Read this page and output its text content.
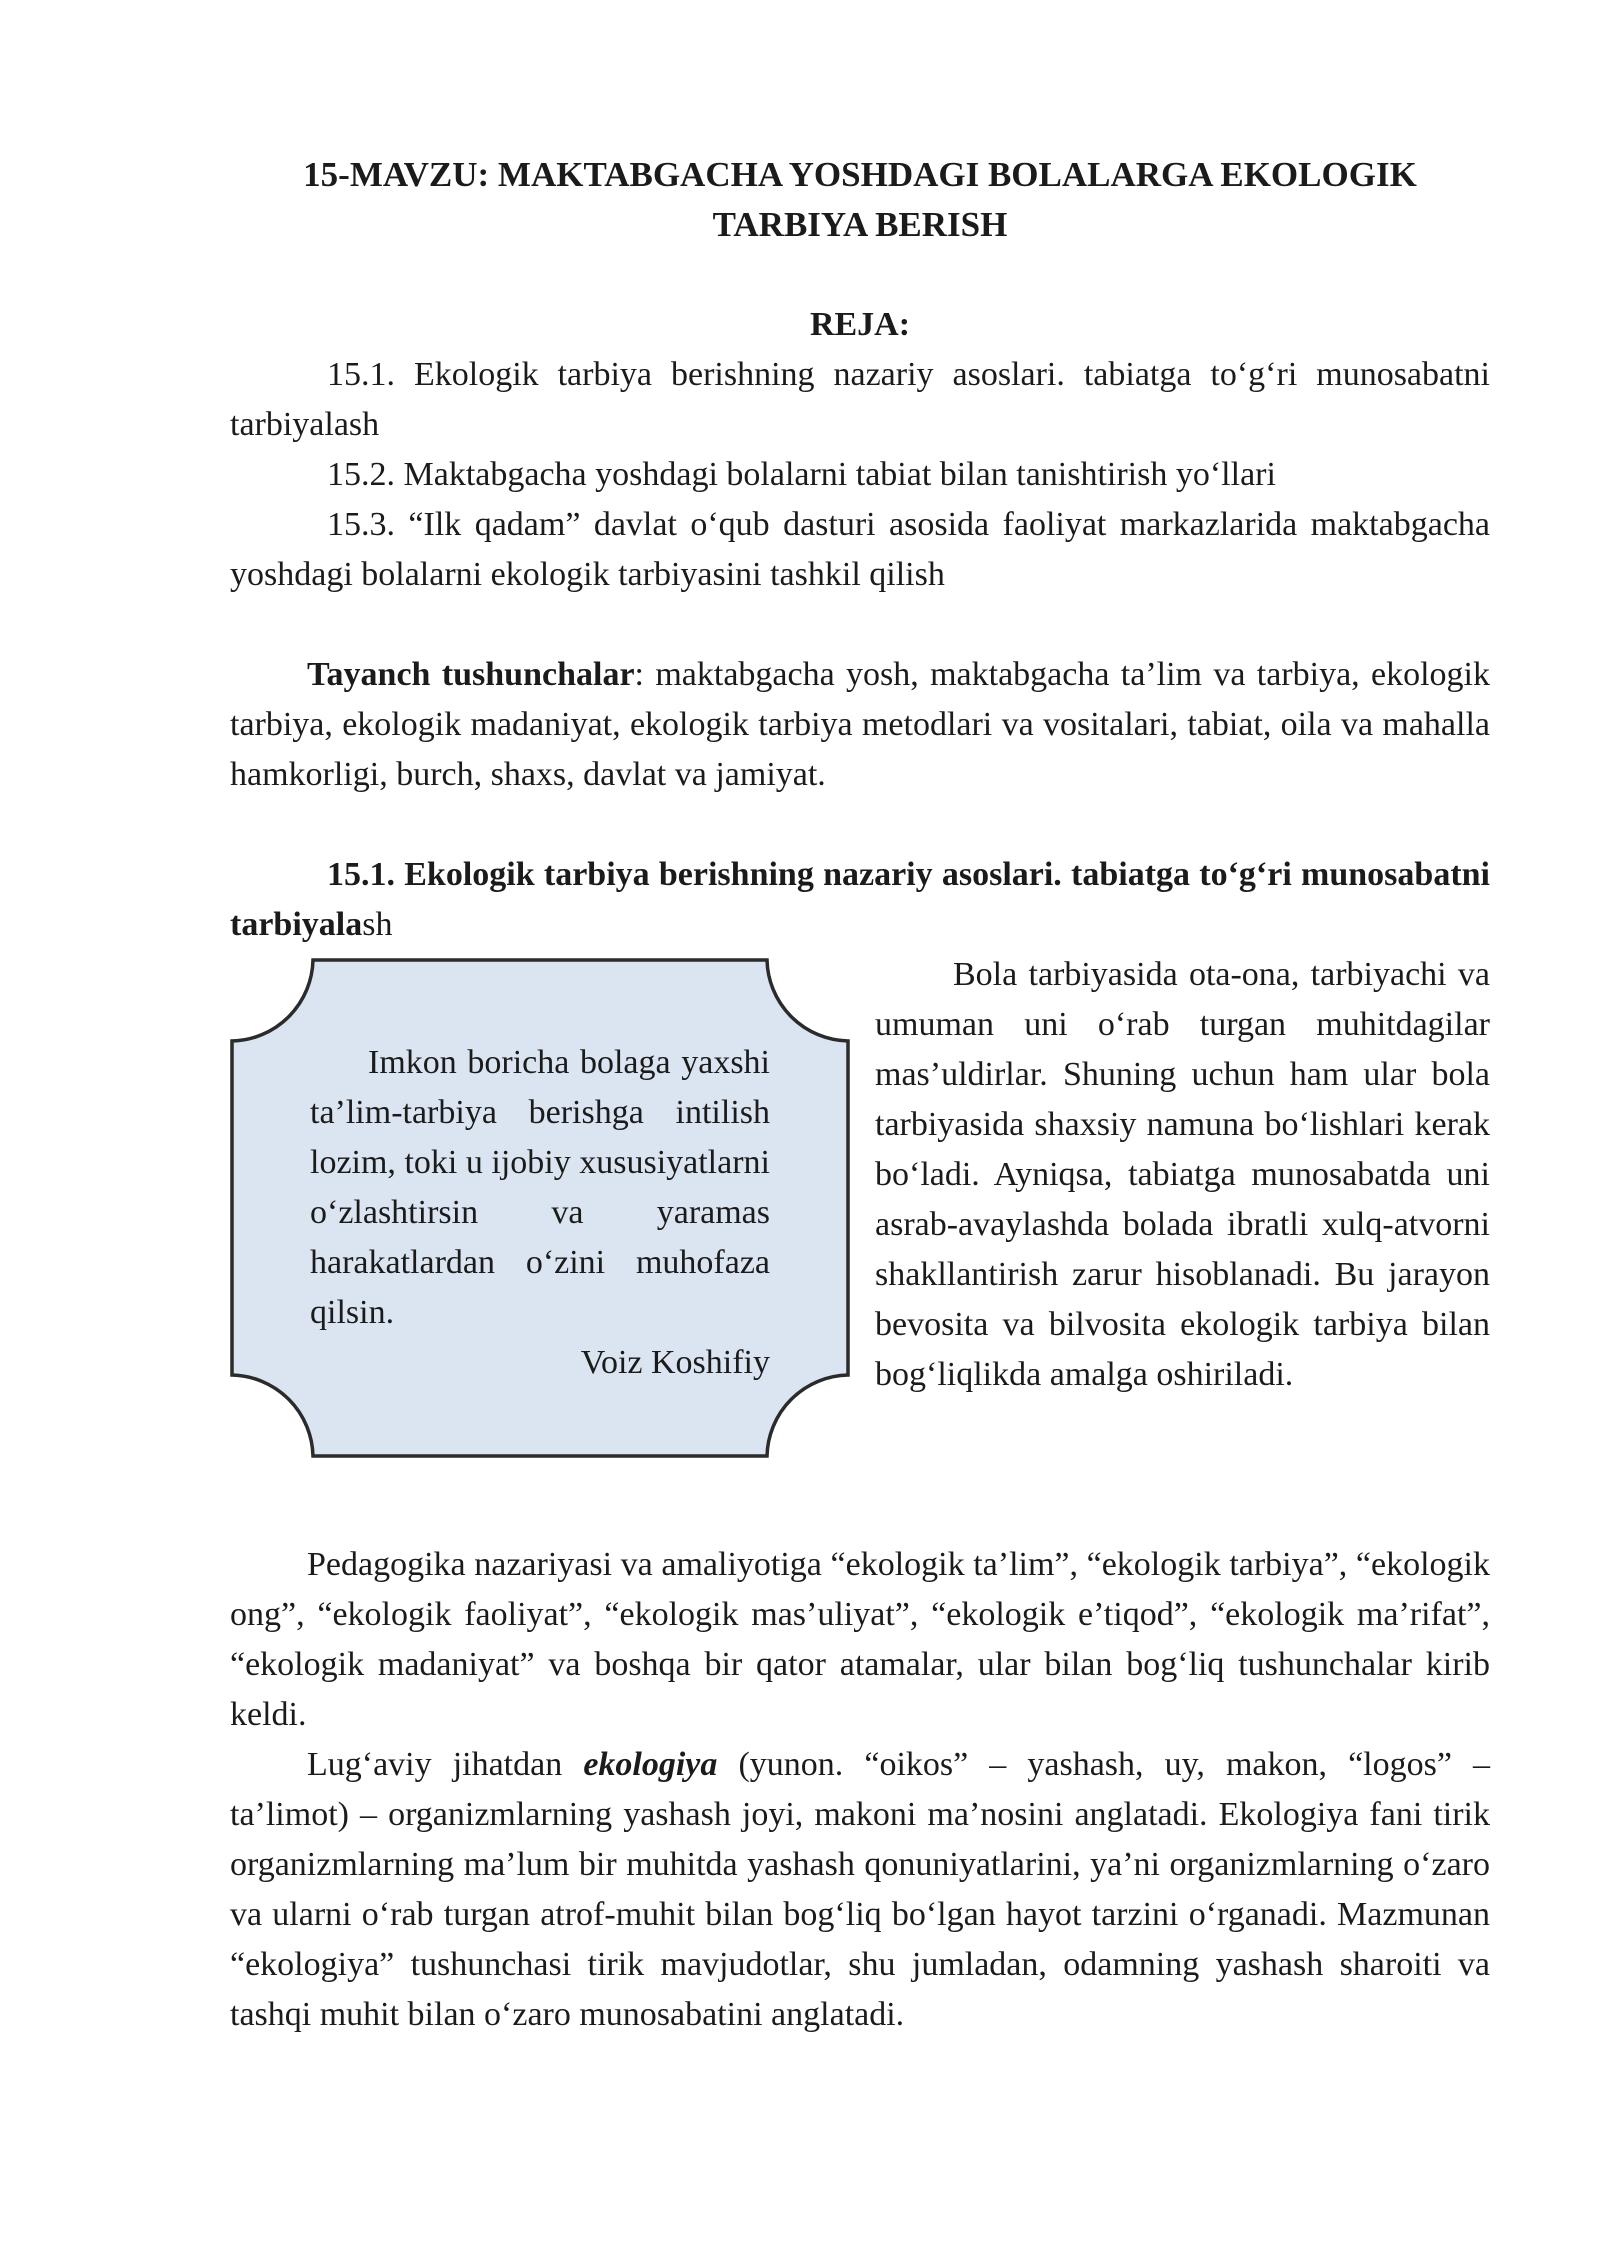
15-MAVZU: MAKTABGACHA YOSHDAGI BOLALARGA EKOLOGIK
TARBIYA BERISH

REJA:

15.1. Ekologik tarbiya berishning nazariy asoslari. tabiatga to‘g‘ri munosabatni tarbiyalash

15.2. Maktabgacha yoshdagi bolalarni tabiat bilan tanishtirish yo‘llari

15.3. “Ilk qadam” davlat o‘qub dasturi asosida faoliyat markazlarida maktabgacha yoshdagi bolalarni ekologik tarbiyasini tashkil qilish

Tayanch tushunchalar: maktabgacha yosh, maktabgacha ta’lim va tarbiya, ekologik tarbiya, ekologik madaniyat, ekologik tarbiya metodlari va vositalari, tabiat, oila va mahalla hamkorligi, burch, shaxs, davlat va jamiyat.

15.1. Ekologik tarbiya berishning nazariy asoslari. tabiatga to‘g‘ri munosabatni tarbiyalash

Imkon boricha bolaga yaxshi ta’lim-tarbiya berishga intilish lozim, toki u ijobiy xususiyatlarni o‘zlashtirsin va yaramas harakatlardan o‘zini muhofaza qilsin.

Voiz Koshifiy

Bola tarbiyasida ota-ona, tarbiyachi va umuman uni o‘rab turgan muhitdagilar mas’uldirlar. Shuning uchun ham ular bola tarbiyasida shaxsiy namuna bo‘lishlari kerak bo‘ladi. Ayniqsa, tabiatga munosabatda uni asrab-avaylashda bolada ibratli xulq-atvorni shakllantirish zarur hisoblanadi. Bu jarayon bevosita va bilvosita ekologik tarbiya bilan bog‘liqlikda amalga oshiriladi.

Pedagogika nazariyasi va amaliyotiga “ekologik ta’lim”, “ekologik tarbiya”, “ekologik ong”, “ekologik faoliyat”, “ekologik mas’uliyat”, “ekologik e’tiqod”, “ekologik ma’rifat”, “ekologik madaniyat” va boshqa bir qator atamalar, ular bilan bog‘liq tushunchalar kirib keldi.

Lug‘aviy jihatdan ekologiya (yunon. “oikos” – yashash, uy, makon, “logos” – ta’limot) – organizmlarning yashash joyi, makoni ma’nosini anglatadi. Ekologiya fani tirik organizmlarning ma’lum bir muhitda yashash qonuniyatlarini, ya’ni organizmlarning o‘zaro va ularni o‘rab turgan atrof-muhit bilan bog‘liq bo‘lgan hayot tarzini o‘rganadi. Mazmunan “ekologiya” tushunchasi tirik mavjudotlar, shu jumladan, odamning yashash sharoiti va tashqi muhit bilan o‘zaro munosabatini anglatadi.
